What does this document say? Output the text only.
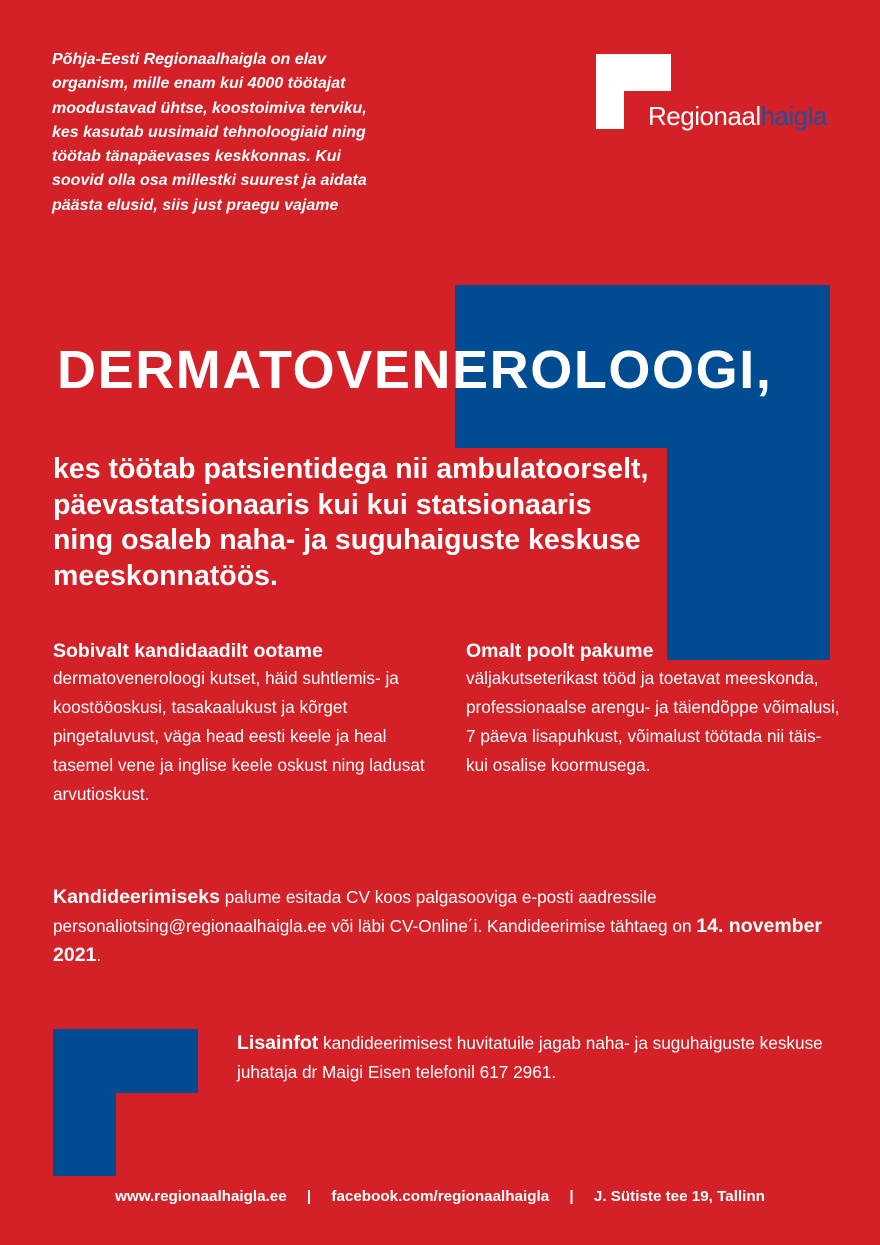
Põhja-Eesti Regionaalhaigla on elav organism, mille enam kui 4000 töötajat moodustavad ühtse, koostoimiva terviku, kes kasutab uusimaid tehnoloogiaid ning töötab tänapäevases keskkonnas. Kui soovid olla osa millestki suurest ja aidata päästa elusid, siis just praegu vajame
Regionaalhaigla
DERMATOVENEROLOOGI,
kes töötab patsientidega nii ambulatoorselt, päevastatsionaaris kui kui statsionaaris ning osaleb naha- ja suguhaiguste keskuse meeskonnatöös.
Sobivalt kandidaadilt ootame
dermatoveneroloogi kutset, häid suhtlemis- ja koostööoskusi, tasakaalukust ja kõrget pingetaluvust, väga head eesti keele ja heal tasemel vene ja inglise keele oskust ning ladusat arvutioskust.
Omalt poolt pakume
väljakutseterikast tööd ja toetavat meeskonda, professionaalse arengu- ja täiendõppe võimalusi, 7 päeva lisapuhkust, võimalust töötada nii täis- kui osalise koormusega.
Kandideerimiseks palume esitada CV koos palgasooviga e-posti aadressile personaliotsing@regionaalhaigla.ee või läbi CV-Online´i. Kandideerimise tähtaeg on 14. november 2021.
Lisainfot kandideerimisest huvitatuile jagab naha- ja suguhaiguste keskuse juhataja dr Maigi Eisen telefonil 617 2961.
www.regionaalhaigla.ee | facebook.com/regionaalhaigla | J. Sütiste tee 19, Tallinn
